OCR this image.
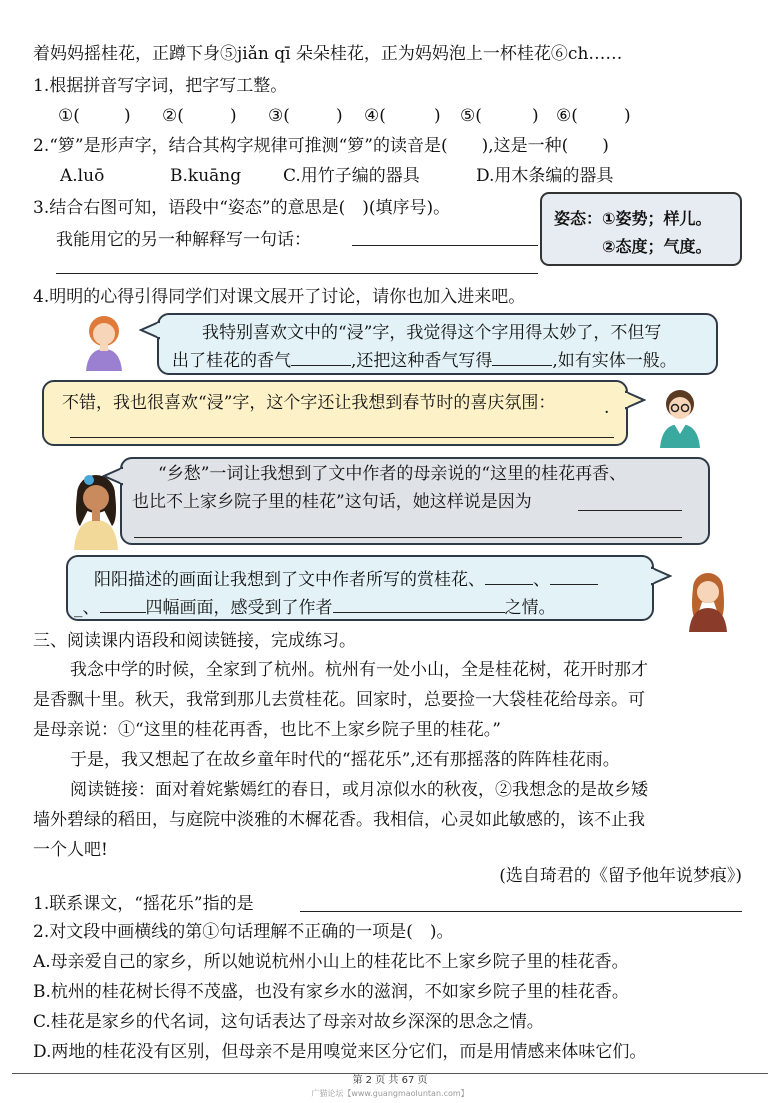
着妈妈摇桂花，正蹲下身⑤jiǎn qī 朵朵桂花，正为妈妈泡上一杯桂花⑥ch……
1.根据拼音写字词，把字写工整。
①(	) ②(	) ③(	) ④(	) ⑤(	) ⑥(	)
2.“箩”是形声字，结合其构字规律可推测“箩”的读音是(　　),这是一种(　　)
A.luō	B.kuāng C.用竹子编的器具	D.用木条编的器具
3.结合右图可知，语段中“姿态”的意思是(　)(填序号)。
我能用它的另一种解释写一句话：
姿态：①姿势；样儿。
②态度；气度。
4.明明的心得引得同学们对课文展开了讨论，请你也加入进来吧。
我特别喜欢文中的“浸”字，我觉得这个字用得太妙了，不但写
出了桂花的香气	,还把这种香气写得	,如有实体一般。
不错，我也很喜欢“浸”字，这个字还让我想到春节时的喜庆氛围：	.
“乡愁”一词让我想到了文中作者的母亲说的“这里的桂花再香、
也比不上家乡院子里的桂花”这句话，她这样说是因为
阳阳描述的画面让我想到了文中作者所写的赏桂花、	、
_、	四幅画面，感受到了作者	之情。
三、阅读课内语段和阅读链接，完成练习。
我念中学的时候，全家到了杭州。杭州有一处小山，全是桂花树，花开时那才
是香飘十里。秋天，我常到那儿去赏桂花。回家时，总要捡一大袋桂花给母亲。可
是母亲说：①“这里的桂花再香，也比不上家乡院子里的桂花。”
于是，我又想起了在故乡童年时代的“摇花乐”,还有那摇落的阵阵桂花雨。
阅读链接：面对着姹紫嫣红的春日，或月凉似水的秋夜，②我想念的是故乡矮
墙外碧绿的稻田，与庭院中淡雅的木樨花香。我相信，心灵如此敏感的，该不止我
一个人吧!
(选自琦君的《留予他年说梦痕》)
1.联系课文，“摇花乐”指的是
2.对文段中画横线的第①句话理解不正确的一项是(　)。
A.母亲爱自己的家乡，所以她说杭州小山上的桂花比不上家乡院子里的桂花香。
B.杭州的桂花树长得不茂盛，也没有家乡水的滋润，不如家乡院子里的桂花香。
C.桂花是家乡的代名词，这句话表达了母亲对故乡深深的思念之情。
D.两地的桂花没有区别，但母亲不是用嗅觉来区分它们，而是用情感来体味它们。
第 2 页 共 67 页
广猫论坛【www.guangmaoluntan.com】
